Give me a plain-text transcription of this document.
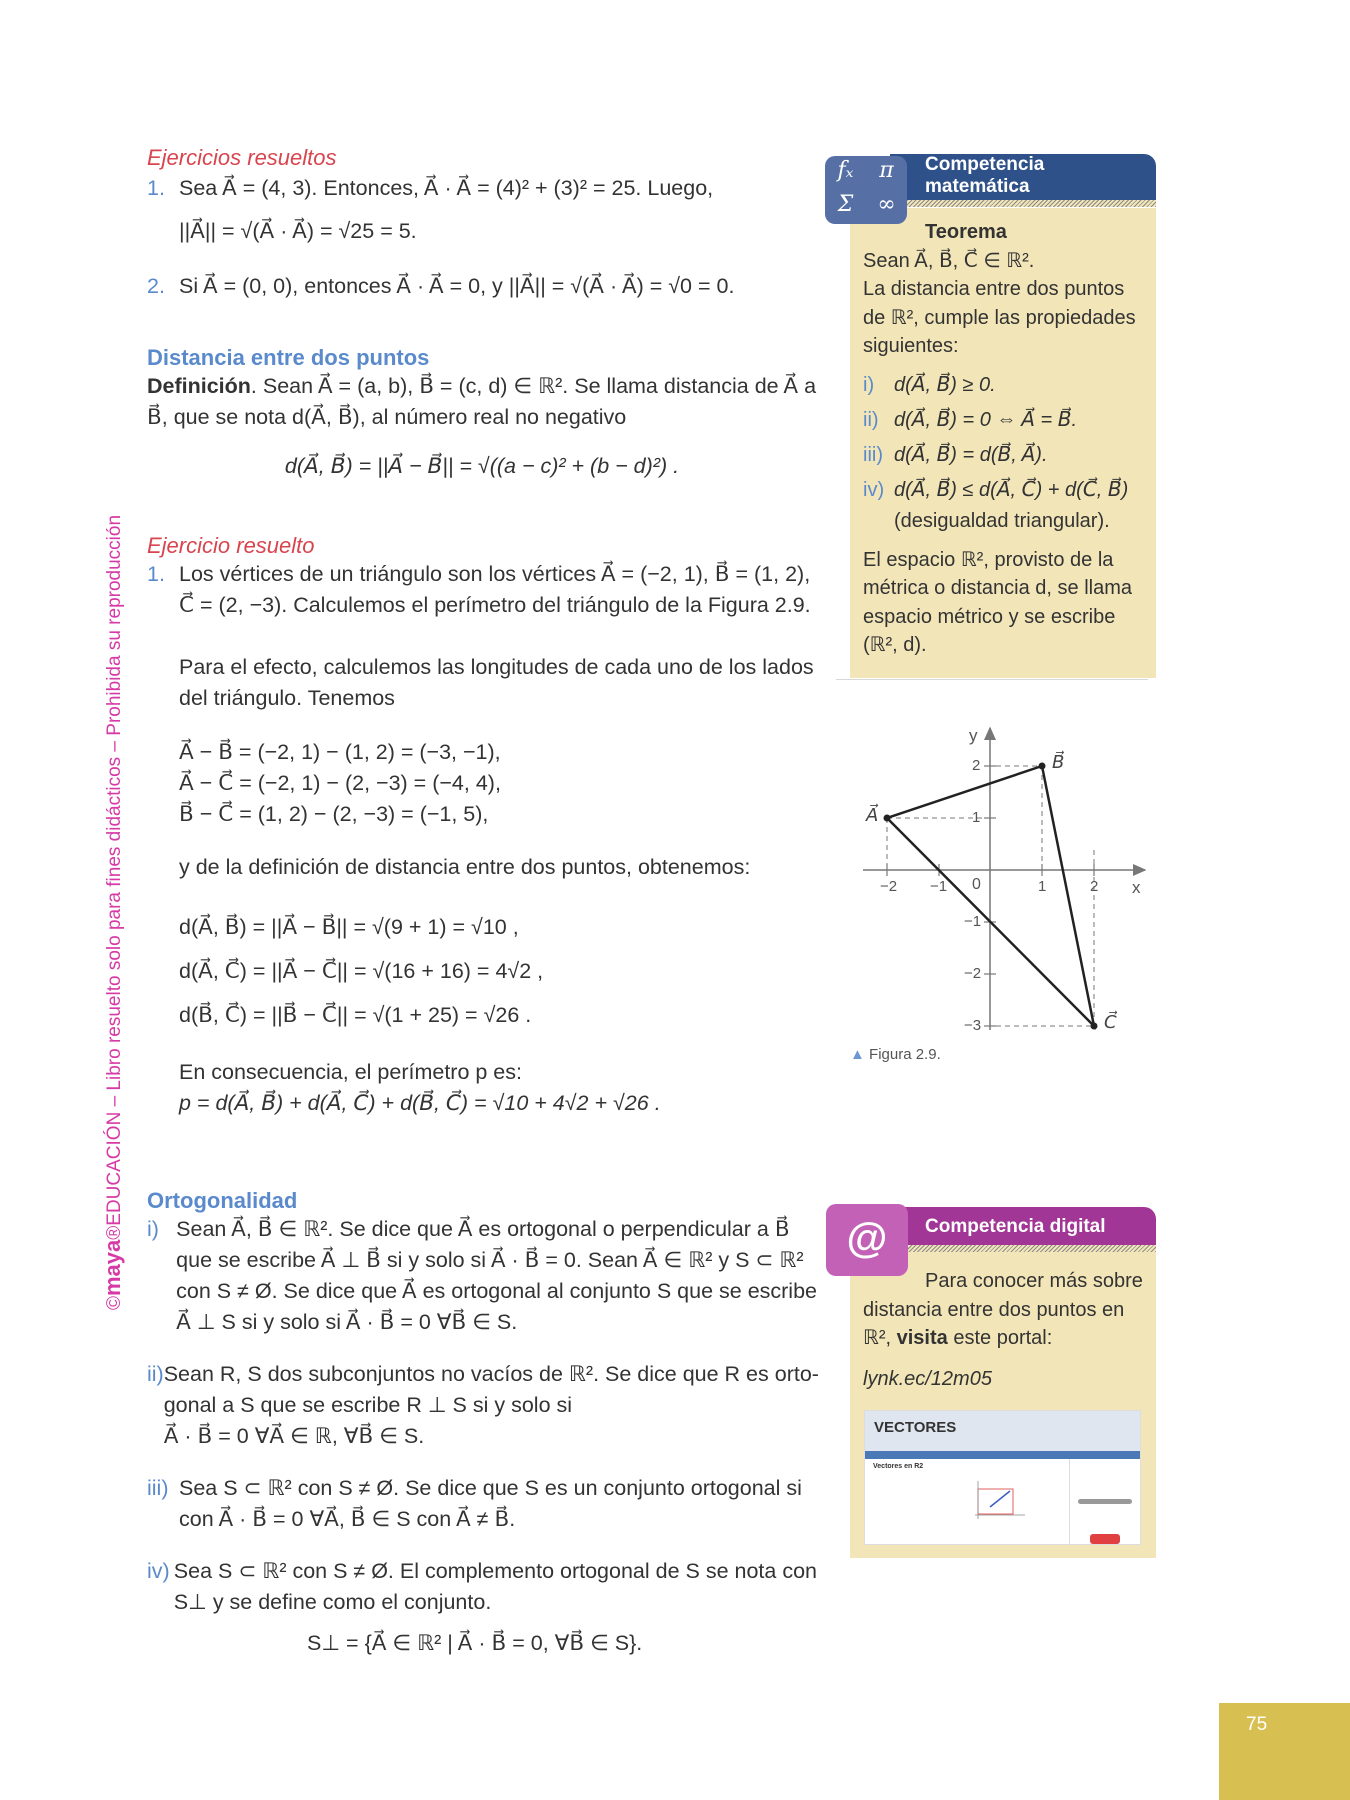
©maya®EDUCACIÓN – Libro resuelto solo para fines didácticos – Prohibida su reproducción
Ejercicios resueltos
1. Sea A⃗ = (4, 3). Entonces, A⃗ · A⃗ = (4)² + (3)² = 25. Luego,
||A⃗|| = √(A⃗ · A⃗) = √25 = 5.
2. Si A⃗ = (0, 0), entonces A⃗ · A⃗ = 0, y ||A⃗|| = √(A⃗ · A⃗) = √0 = 0.
Distancia entre dos puntos
Definición. Sean A⃗ = (a, b), B⃗ = (c, d) ∈ ℝ². Se llama distancia de A⃗ a
B⃗, que se nota d(A⃗, B⃗), al número real no negativo
d(A⃗, B⃗) = ||A⃗ − B⃗|| = √((a − c)² + (b − d)²) .
Ejercicio resuelto
1. Los vértices de un triángulo son los vértices A⃗ = (−2, 1), B⃗ = (1, 2),
C⃗ = (2, −3). Calculemos el perímetro del triángulo de la Figura 2.9.
Para el efecto, calculemos las longitudes de cada uno de los lados
del triángulo. Tenemos
A⃗ − B⃗ = (−2, 1) − (1, 2) = (−3, −1),
A⃗ − C⃗ = (−2, 1) − (2, −3) = (−4, 4),
B⃗ − C⃗ = (1, 2) − (2, −3) = (−1, 5),
y de la definición de distancia entre dos puntos, obtenemos:
d(A⃗, B⃗) = ||A⃗ − B⃗|| = √(9 + 1) = √10 ,
d(A⃗, C⃗) = ||A⃗ − C⃗|| = √(16 + 16) = 4√2 ,
d(B⃗, C⃗) = ||B⃗ − C⃗|| = √(1 + 25) = √26 .
En consecuencia, el perímetro p es:
p = d(A⃗, B⃗) + d(A⃗, C⃗) + d(B⃗, C⃗) = √10 + 4√2 + √26 .
Ortogonalidad
i) Sean A⃗, B⃗ ∈ ℝ². Se dice que A⃗ es ortogonal o perpendicular a B⃗
que se escribe A⃗ ⊥ B⃗ si y solo si A⃗ · B⃗ = 0. Sean A⃗ ∈ ℝ² y S ⊂ ℝ²
con S ≠ Ø. Se dice que A⃗ es ortogonal al conjunto S que se escribe
A⃗ ⊥ S si y solo si A⃗ · B⃗ = 0 ∀B⃗ ∈ S.
ii) Sean R, S dos subconjuntos no vacíos de ℝ². Se dice que R es orto-
gonal a S que se escribe R ⊥ S si y solo si
A⃗ · B⃗ = 0 ∀A⃗ ∈ ℝ, ∀B⃗ ∈ S.
iii) Sea S ⊂ ℝ² con S ≠ Ø. Se dice que S es un conjunto ortogonal si
con A⃗ · B⃗ = 0 ∀A⃗, B⃗ ∈ S con A⃗ ≠ B⃗.
iv) Sea S ⊂ ℝ² con S ≠ Ø. El complemento ortogonal de S se nota con
S⊥ y se define como el conjunto.
S⊥ = {A⃗ ∈ ℝ² | A⃗ · B⃗ = 0, ∀B⃗ ∈ S}.
Competencia
matemática
𝑓ₓ	π
Σ	∞
Teorema
Sean A⃗, B⃗, C⃗ ∈ ℝ².
La distancia entre dos puntos
de ℝ², cumple las propiedades
siguientes:
i) d(A⃗, B⃗) ≥ 0.
ii) d(A⃗, B⃗) = 0 ⇔ A⃗ = B⃗.
iii) d(A⃗, B⃗) = d(B⃗, A⃗).
iv) d(A⃗, B⃗) ≤ d(A⃗, C⃗) + d(C⃗, B⃗)
(desigualdad triangular).
El espacio ℝ², provisto de la
métrica o distancia d, se llama
espacio métrico y se escribe
(ℝ², d).
y
x
0
−2 −1	1	2
2
1
−1
−2
−3
A⃗
B⃗
C⃗
▲ Figura 2.9.
Competencia digital
@
Para conocer más sobre
distancia entre dos puntos en
ℝ², visita este portal:
lynk.ec/12m05
VECTORES
Vectores en R2
75
